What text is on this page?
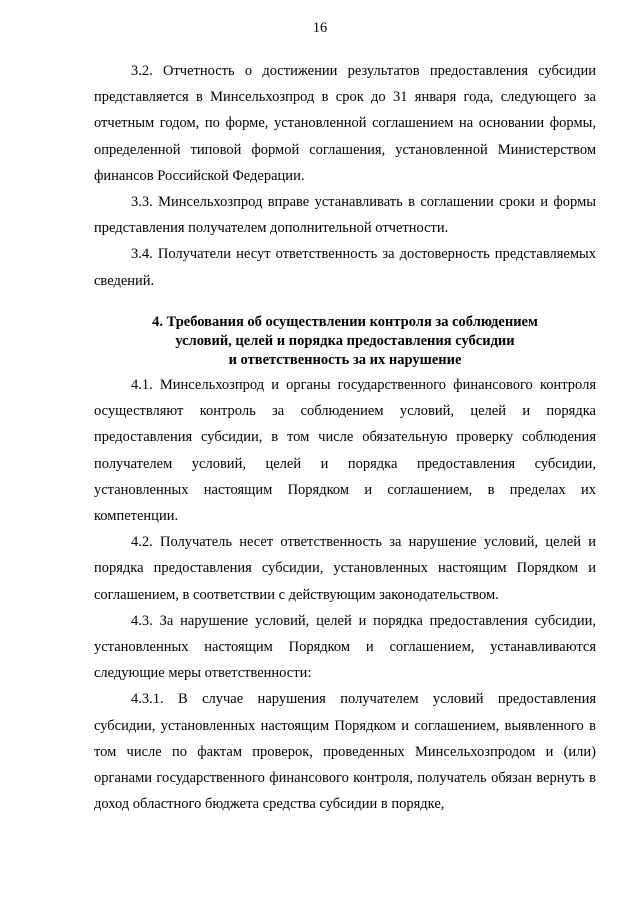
16

3.2. Отчетность о достижении результатов предоставления субсидии представляется в Минсельхозпрод в срок до 31 января года, следующего за отчетным годом, по форме, установленной соглашением на основании формы, определенной типовой формой соглашения, установленной Министерством финансов Российской Федерации.

3.3. Минсельхозпрод вправе устанавливать в соглашении сроки и формы представления получателем дополнительной отчетности.

3.4. Получатели несут ответственность за достоверность представляемых сведений.

4. Требования об осуществлении контроля за соблюдением
условий, целей и порядка предоставления субсидии
и ответственность за их нарушение

4.1. Минсельхозпрод и органы государственного финансового контроля осуществляют контроль за соблюдением условий, целей и порядка предоставления субсидии, в том числе обязательную проверку соблюдения получателем условий, целей и порядка предоставления субсидии, установленных настоящим Порядком и соглашением, в пределах их компетенции.

4.2. Получатель несет ответственность за нарушение условий, целей и порядка предоставления субсидии, установленных настоящим Порядком и соглашением, в соответствии с действующим законодательством.

4.3. За нарушение условий, целей и порядка предоставления субсидии, установленных настоящим Порядком и соглашением, устанавливаются следующие меры ответственности:

4.3.1. В случае нарушения получателем условий предоставления субсидии, установленных настоящим Порядком и соглашением, выявленного в том числе по фактам проверок, проведенных Минсельхозпродом и (или) органами государственного финансового контроля, получатель обязан вернуть в доход областного бюджета средства субсидии в порядке,
